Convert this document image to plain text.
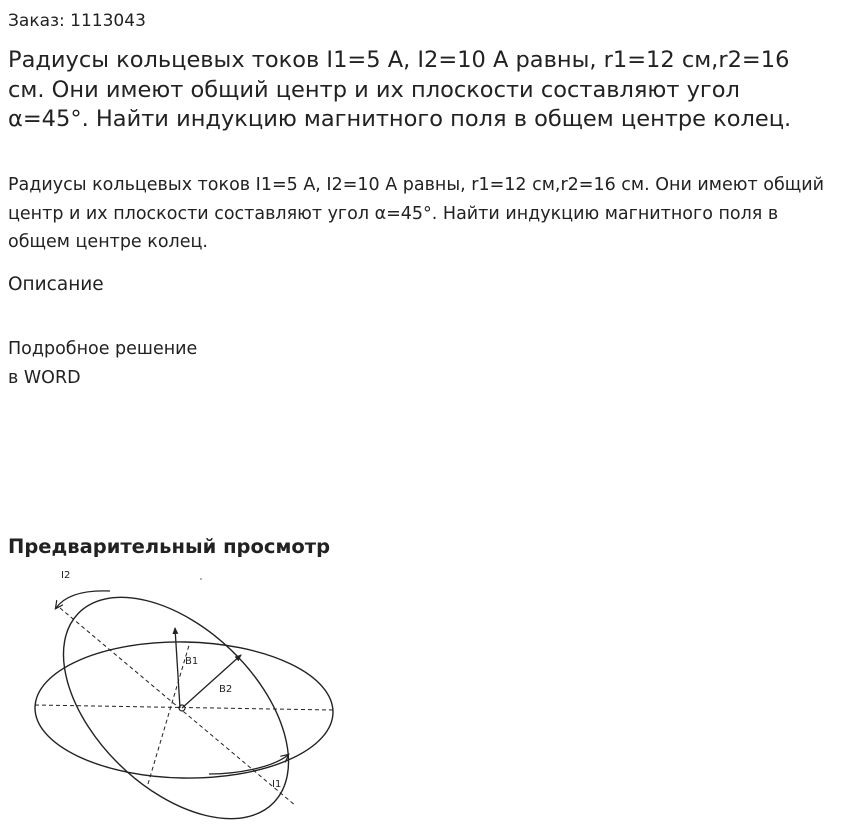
Заказ: 1113043
Радиусы кольцевых токов I1=5 А, I2=10 А равны, r1=12 см,r2=16 см. Они имеют общий центр и их плоскости составляют угол α=45°. Найти индукцию магнитного поля в общем центре колец.

Радиусы кольцевых токов I1=5 А, I2=10 А равны, r1=12 см,r2=16 см. Они имеют общий центр и их плоскости составляют угол α=45°. Найти индукцию магнитного поля в общем центре колец.

Описание
Подробное решение
в WORD
Предварительный просмотр
I2
B1
B2
I1
